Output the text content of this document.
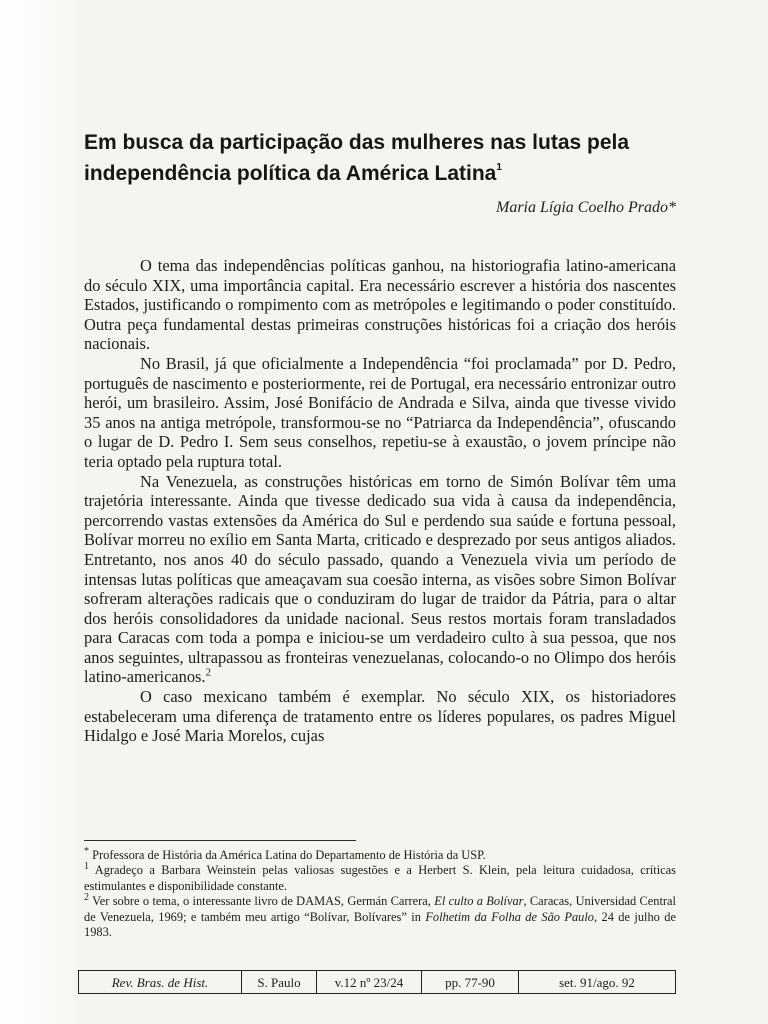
Em busca da participação das mulheres nas lutas pela independência política da América Latina$^1$
Maria Lígia Coelho Prado*

O tema das independências políticas ganhou, na historiografia latino-americana do século XIX, uma importância capital. Era necessário escrever a história dos nascentes Estados, justificando o rompimento com as metrópoles e legitimando o poder constituído. Outra peça fundamental destas primeiras construções históricas foi a criação dos heróis nacionais.

No Brasil, já que oficialmente a Independência “foi proclamada” por D. Pedro, português de nascimento e posteriormente, rei de Portugal, era necessário entronizar outro herói, um brasileiro. Assim, José Bonifácio de Andrada e Silva, ainda que tivesse vivido 35 anos na antiga metrópole, transformou-se no “Patriarca da Independência”, ofuscando o lugar de D. Pedro I. Sem seus conselhos, repetiu-se à exaustão, o jovem príncipe não teria optado pela ruptura total.

Na Venezuela, as construções históricas em torno de Simón Bolívar têm uma trajetória interessante. Ainda que tivesse dedicado sua vida à causa da independência, percorrendo vastas extensões da América do Sul e perdendo sua saúde e fortuna pessoal, Bolívar morreu no exílio em Santa Marta, criticado e desprezado por seus antigos aliados. Entretanto, nos anos 40 do século passado, quando a Venezuela vivia um período de intensas lutas políticas que ameaçavam sua coesão interna, as visões sobre Simon Bolívar sofreram alterações radicais que o conduziram do lugar de traidor da Pátria, para o altar dos heróis consolidadores da unidade nacional. Seus restos mortais foram transladados para Caracas com toda a pompa e iniciou-se um verdadeiro culto à sua pessoa, que nos anos seguintes, ultrapassou as fronteiras venezuelanas, colocando-o no Olimpo dos heróis latino-americanos.$^2$

O caso mexicano também é exemplar. No século XIX, os historiadores estabeleceram uma diferença de tratamento entre os líderes populares, os padres Miguel Hidalgo e José Maria Morelos, cujas

* Professora de História da América Latina do Departamento de História da USP.

$^1$ Agradeço a Barbara Weinstein pelas valiosas sugestões e a Herbert S. Klein, pela leitura cuidadosa, críticas estimulantes e disponibilidade constante.

$^2$ Ver sobre o tema, o interessante livro de DAMAS, Germán Carrera, El culto a Bolívar, Caracas, Universidad Central de Venezuela, 1969; e também meu artigo “Bolívar, Bolívares” in Folhetim da Folha de São Paulo, 24 de julho de 1983.

Rev. Bras. de Hist.	S. Paulo	v.12 nº 23/24	pp. 77-90	set. 91/ago. 92
